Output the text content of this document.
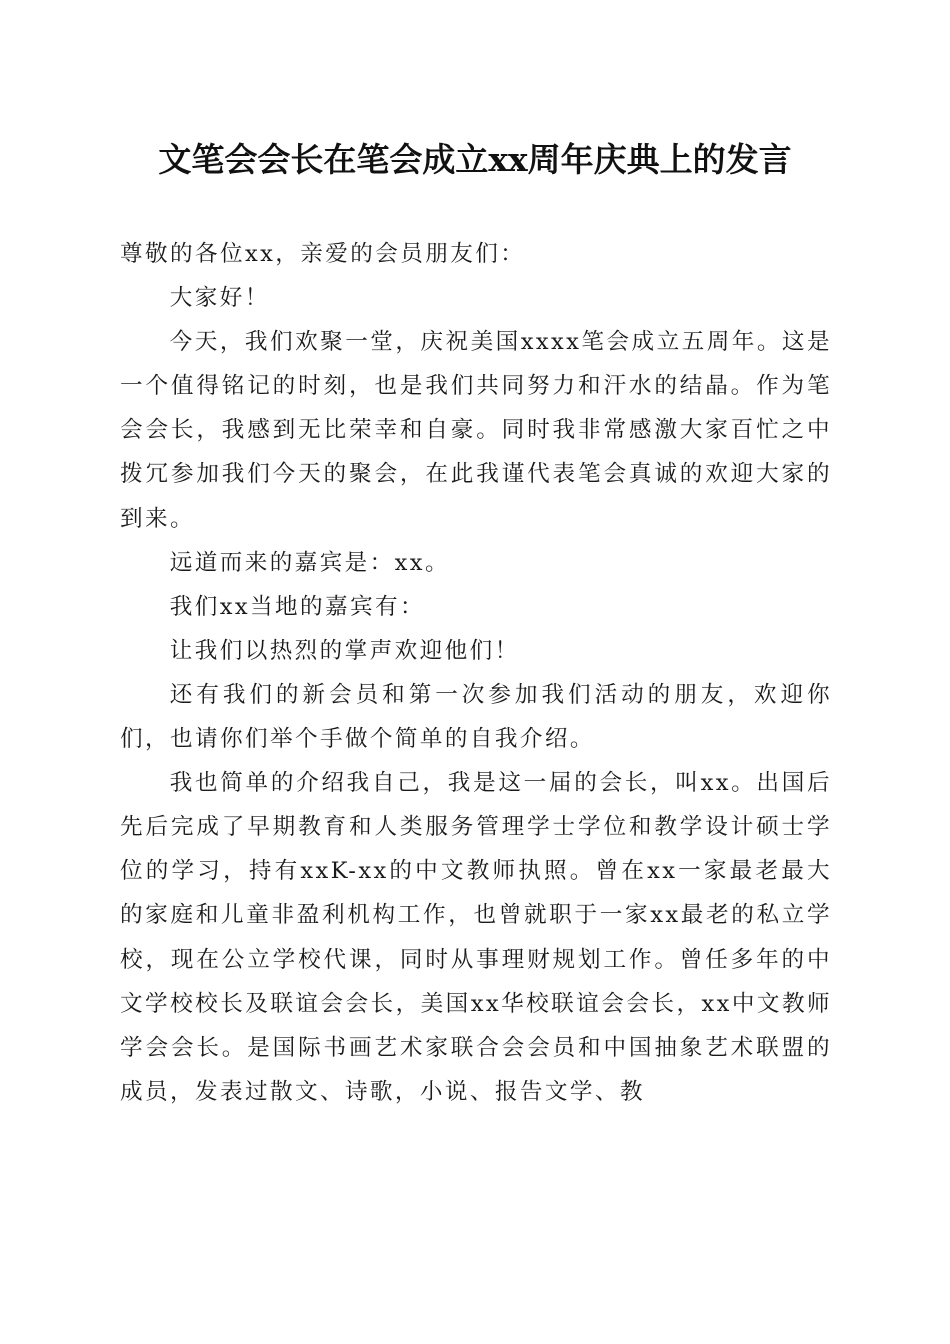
文笔会会长在笔会成立xx周年庆典上的发言

尊敬的各位xx，亲爱的会员朋友们：

大家好！

今天，我们欢聚一堂，庆祝美国xxxx笔会成立五周年。这是一个值得铭记的时刻，也是我们共同努力和汗水的结晶。作为笔会会长，我感到无比荣幸和自豪。同时我非常感激大家百忙之中拨冗参加我们今天的聚会，在此我谨代表笔会真诚的欢迎大家的到来。

远道而来的嘉宾是：xx。

我们xx当地的嘉宾有：

让我们以热烈的掌声欢迎他们！

还有我们的新会员和第一次参加我们活动的朋友，欢迎你们，也请你们举个手做个简单的自我介绍。

我也简单的介绍我自己，我是这一届的会长，叫xx。出国后先后完成了早期教育和人类服务管理学士学位和教学设计硕士学位的学习，持有xxK-xx的中文教师执照。曾在xx一家最老最大的家庭和儿童非盈利机构工作，也曾就职于一家xx最老的私立学校，现在公立学校代课，同时从事理财规划工作。曾任多年的中文学校校长及联谊会会长，美国xx华校联谊会会长，xx中文教师学会会长。是国际书画艺术家联合会会员和中国抽象艺术联盟的成员，发表过散文、诗歌，小说、报告文学、教
